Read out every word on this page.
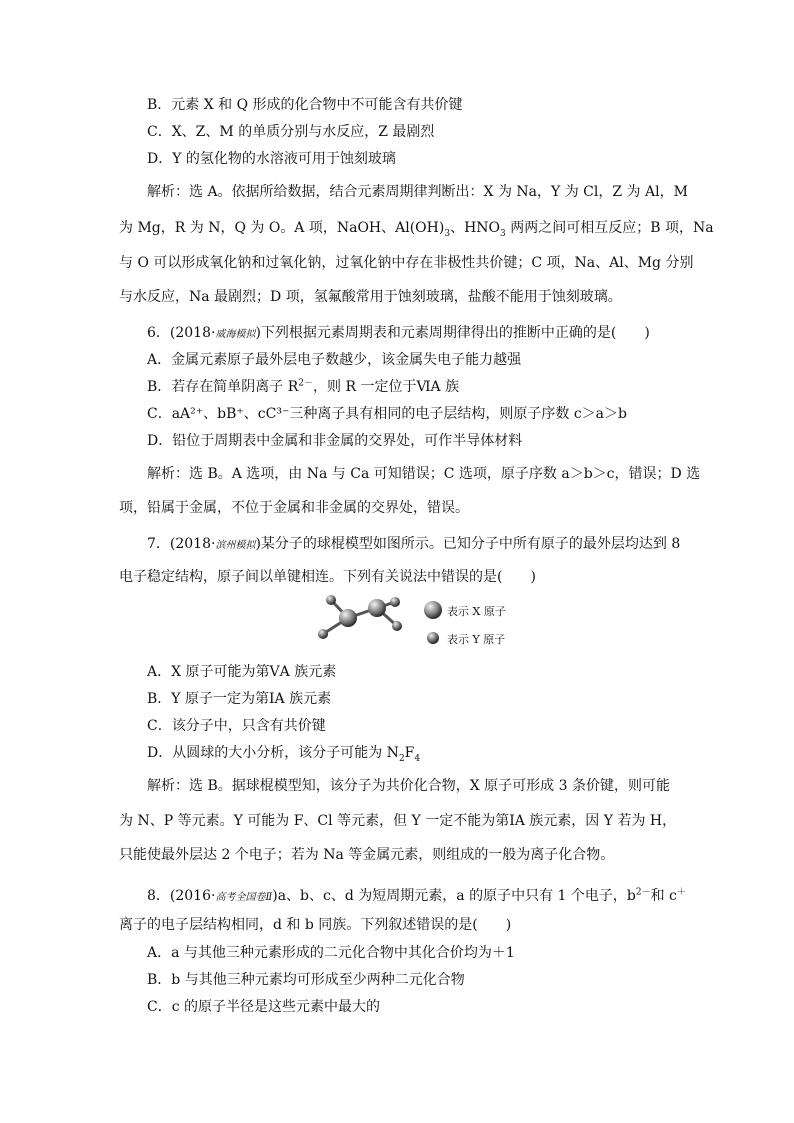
B．元素 X 和 Q 形成的化合物中不可能含有共价键
C．X、Z、M 的单质分别与水反应，Z 最剧烈
D．Y 的氢化物的水溶液可用于蚀刻玻璃
解析：选 A。依据所给数据，结合元素周期律判断出：X 为 Na，Y 为 Cl，Z 为 Al，M
为 Mg，R 为 N，Q 为 O。A 项，NaOH、$Al(OH)_3$、$HNO_3$ 两两之间可相互反应；B 项，Na
与 O 可以形成氧化钠和过氧化钠，过氧化钠中存在非极性共价键；C 项，Na、Al、Mg 分别
与水反应，Na 最剧烈；D 项，氢氟酸常用于蚀刻玻璃，盐酸不能用于蚀刻玻璃。
6．(2018·威海模拟)下列根据元素周期表和元素周期律得出的推断中正确的是(　　)
A．金属元素原子最外层电子数越少，该金属失电子能力越强
B．若存在简单阴离子 $R^{2-}$，则 R 一定位于ⅥA 族
C．aA²⁺、bB⁺、cC³⁻三种离子具有相同的电子层结构，则原子序数 c＞a＞b
D．铅位于周期表中金属和非金属的交界处，可作半导体材料
解析：选 B。A 选项，由 Na 与 Ca 可知错误；C 选项，原子序数 a＞b＞c，错误；D 选
项，铅属于金属，不位于金属和非金属的交界处，错误。
7．(2018·滨州模拟)某分子的球棍模型如图所示。已知分子中所有原子的最外层均达到 8
电子稳定结构，原子间以单键相连。下列有关说法中错误的是(　　)
表示 X 原子
表示 Y 原子
A．X 原子可能为第ⅤA 族元素
B．Y 原子一定为第ⅠA 族元素
C．该分子中，只含有共价键
D．从圆球的大小分析，该分子可能为 $N_2F_4$
解析：选 B。据球棍模型知，该分子为共价化合物，X 原子可形成 3 条价键，则可能
为 N、P 等元素。Y 可能为 F、Cl 等元素，但 Y 一定不能为第ⅠA 族元素，因 Y 若为 H，
只能使最外层达 2 个电子；若为 Na 等金属元素，则组成的一般为离子化合物。
8．(2016·高考全国卷Ⅱ)a、b、c、d 为短周期元素，a 的原子中只有 1 个电子，$b^{2-}$和 c＋
离子的电子层结构相同，d 和 b 同族。下列叙述错误的是(　　)
A．a 与其他三种元素形成的二元化合物中其化合价均为＋1
B．b 与其他三种元素均可形成至少两种二元化合物
C．c 的原子半径是这些元素中最大的
